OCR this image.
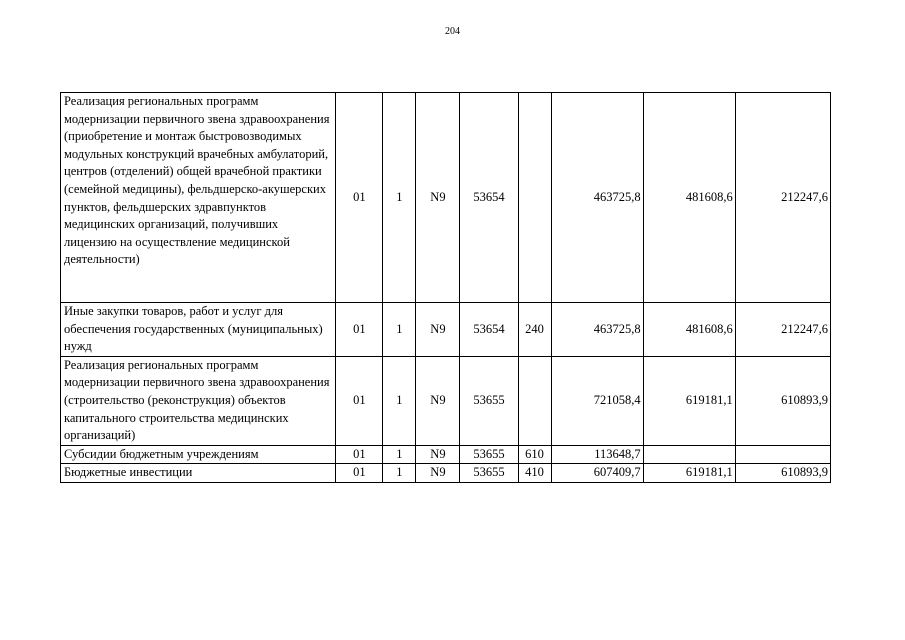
204
Реализация региональных программ модернизации первичного звена здравоохранения (приобретение и монтаж быстровозводимых модульных конструкций врачебных амбулаторий, центров (отделений) общей врачебной практики (семейной медицины), фельдшерско-акушерских пунктов, фельдшерских здравпунктов медицинских организаций, получивших лицензию на осуществление медицинской деятельности)	01	1	N9	53654		463725,8	481608,6	212247,6
Иные закупки товаров, работ и услуг для обеспечения государственных (муниципальных) нужд	01	1	N9	53654	240	463725,8	481608,6	212247,6
Реализация региональных программ модернизации первичного звена здравоохранения (строительство (реконструкция) объектов капитального строительства медицинских организаций)	01	1	N9	53655		721058,4	619181,1	610893,9
Субсидии бюджетным учреждениям	01	1	N9	53655	610	113648,7		
Бюджетные инвестиции	01	1	N9	53655	410	607409,7	619181,1	610893,9
